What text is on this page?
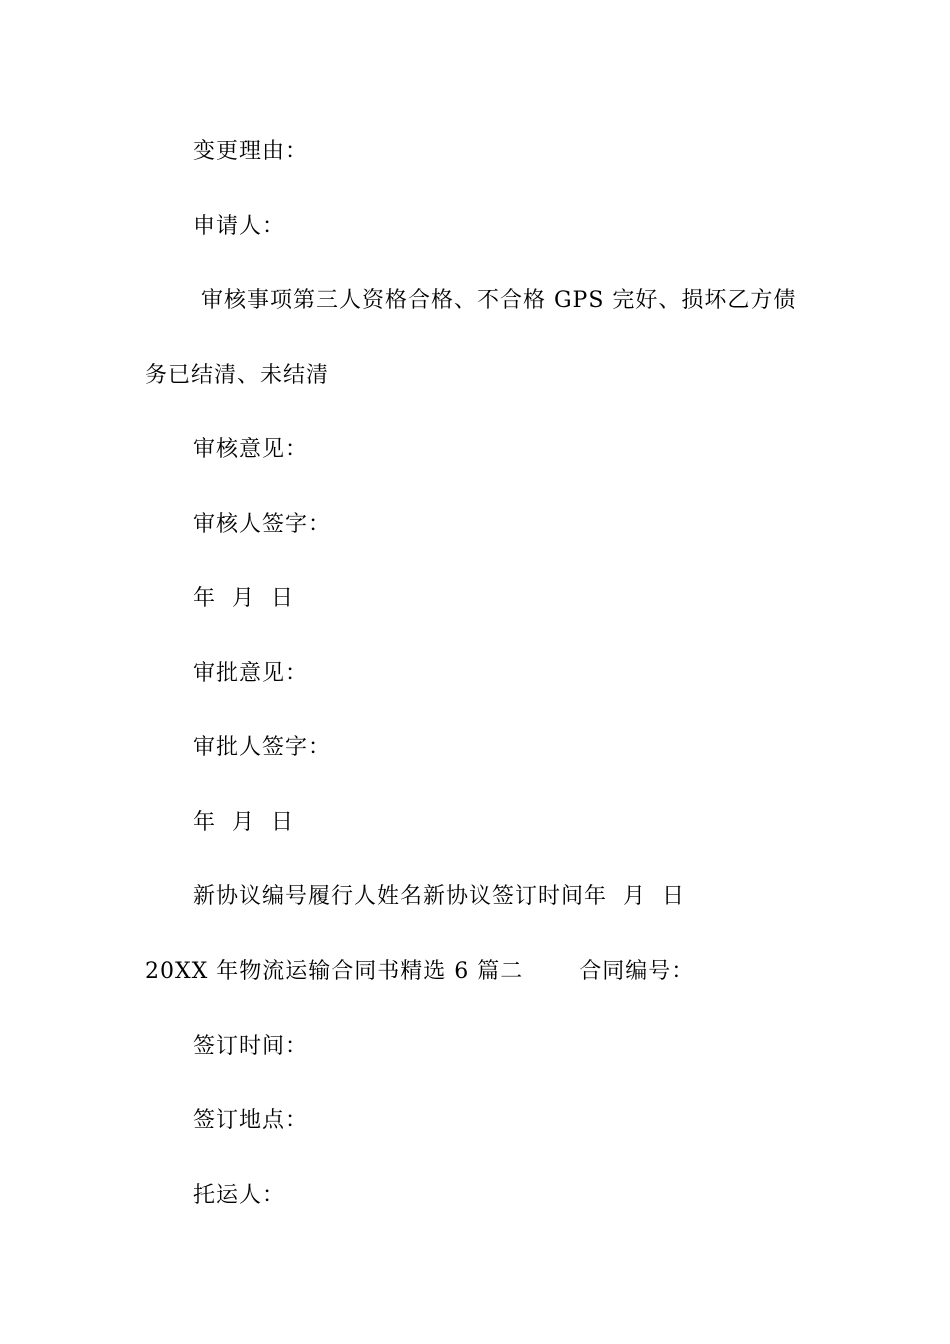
变更理由：
申请人：
审核事项第三人资格合格、不合格 GPS 完好、损坏乙方债
务已结清、未结清
审核意见：
审核人签字：
年  月  日
审批意见：
审批人签字：
年  月  日
新协议编号履行人姓名新协议签订时间年  月  日
20XX 年物流运输合同书精选 6 篇二       合同编号：
签订时间：
签订地点：
托运人：
